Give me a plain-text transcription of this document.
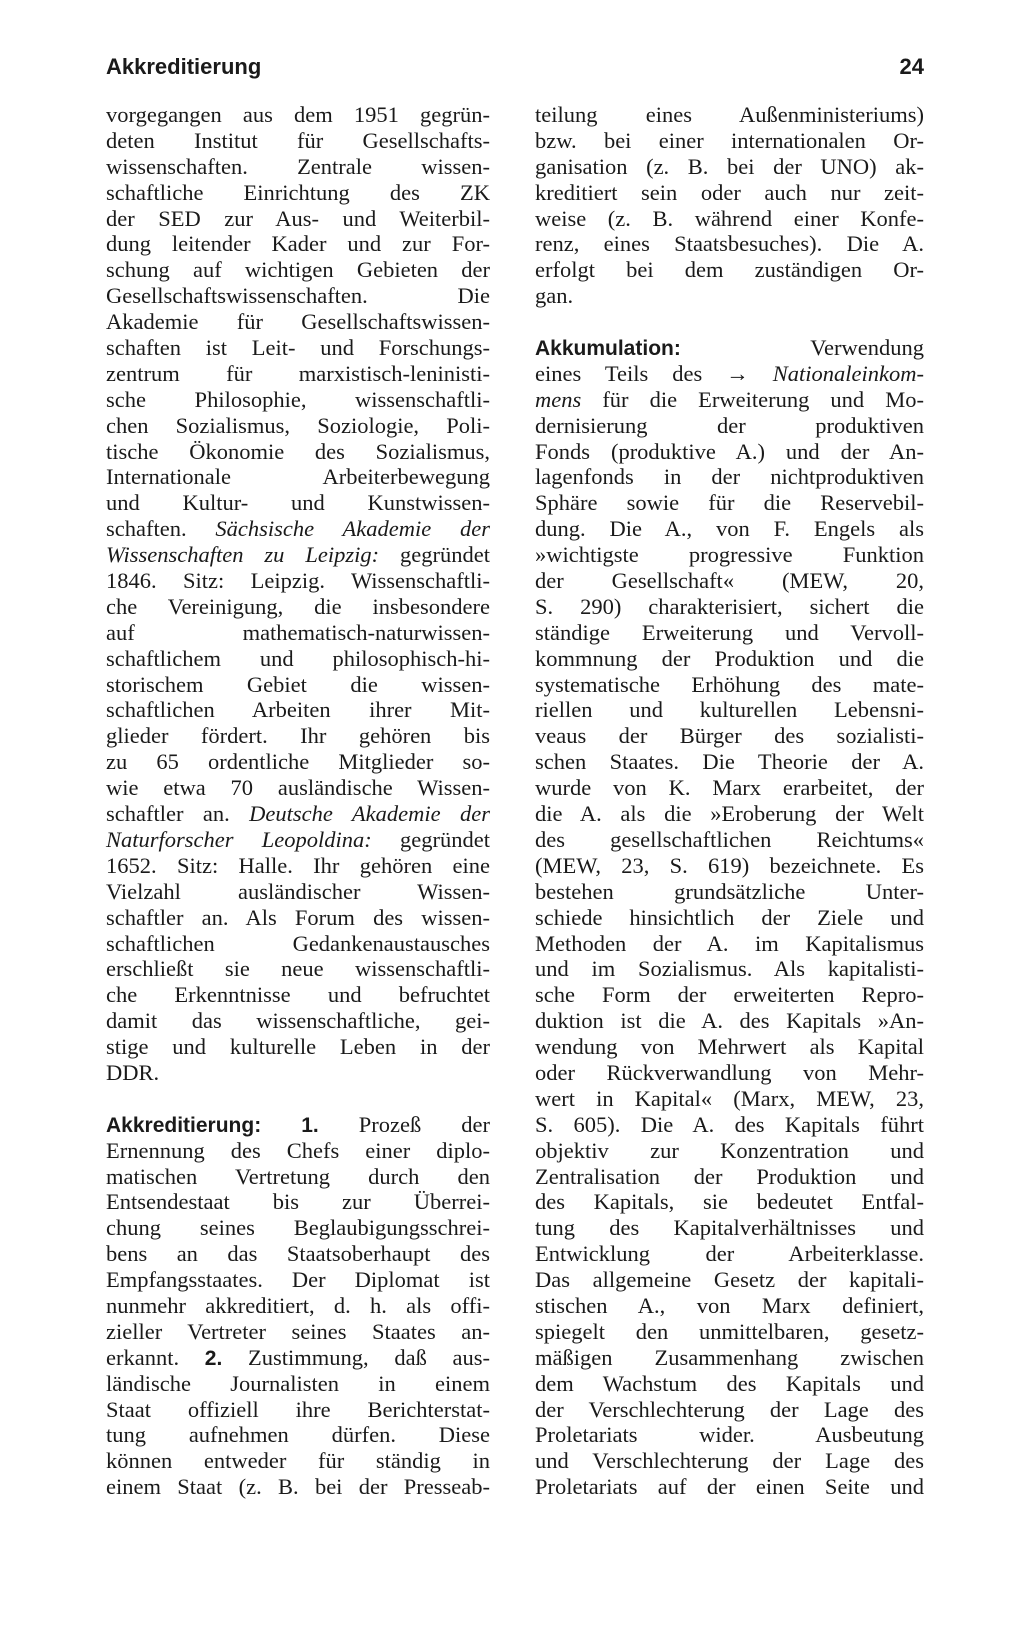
Akkreditierung	24
vorgegangen aus dem 1951 gegrün-
deten Institut für Gesellschafts-
wissenschaften. Zentrale wissen-
schaftliche Einrichtung des ZK
der SED zur Aus- und Weiterbil-
dung leitender Kader und zur For-
schung auf wichtigen Gebieten der
Gesellschaftswissenschaften. Die
Akademie für Gesellschaftswissen-
schaften ist Leit- und Forschungs-
zentrum für marxistisch-leninisti-
sche Philosophie, wissenschaftli-
chen Sozialismus, Soziologie, Poli-
tische Ökonomie des Sozialismus,
Internationale Arbeiterbewegung
und Kultur- und Kunstwissen-
schaften. Sächsische Akademie der
Wissenschaften zu Leipzig: gegründet
1846. Sitz: Leipzig. Wissenschaftli-
che Vereinigung, die insbesondere
auf mathematisch-naturwissen-
schaftlichem und philosophisch-hi-
storischem Gebiet die wissen-
schaftlichen Arbeiten ihrer Mit-
glieder fördert. Ihr gehören bis
zu 65 ordentliche Mitglieder so-
wie etwa 70 ausländische Wissen-
schaftler an. Deutsche Akademie der
Naturforscher Leopoldina: gegründet
1652. Sitz: Halle. Ihr gehören eine
Vielzahl ausländischer Wissen-
schaftler an. Als Forum des wissen-
schaftlichen Gedankenaustausches
erschließt sie neue wissenschaftli-
che Erkenntnisse und befruchtet
damit das wissenschaftliche, gei-
stige und kulturelle Leben in der
DDR.
Akkreditierung: 1. Prozeß der
Ernennung des Chefs einer diplo-
matischen Vertretung durch den
Entsendestaat bis zur Überrei-
chung seines Beglaubigungsschrei-
bens an das Staatsoberhaupt des
Empfangsstaates. Der Diplomat ist
nunmehr akkreditiert, d. h. als offi-
zieller Vertreter seines Staates an-
erkannt. 2. Zustimmung, daß aus-
ländische Journalisten in einem
Staat offiziell ihre Berichterstat-
tung aufnehmen dürfen. Diese
können entweder für ständig in
einem Staat (z. B. bei der Presseab-
teilung eines Außenministeriums)
bzw. bei einer internationalen Or-
ganisation (z. B. bei der UNO) ak-
kreditiert sein oder auch nur zeit-
weise (z. B. während einer Konfe-
renz, eines Staatsbesuches). Die A.
erfolgt bei dem zuständigen Or-
gan.
Akkumulation: Verwendung
eines Teils des → Nationaleinkom-
mens für die Erweiterung und Mo-
dernisierung der produktiven
Fonds (produktive A.) und der An-
lagenfonds in der nichtproduktiven
Sphäre sowie für die Reservebil-
dung. Die A., von F. Engels als
»wichtigste progressive Funktion
der Gesellschaft« (MEW, 20,
S. 290) charakterisiert, sichert die
ständige Erweiterung und Vervoll-
kommnung der Produktion und die
systematische Erhöhung des mate-
riellen und kulturellen Lebensni-
veaus der Bürger des sozialisti-
schen Staates. Die Theorie der A.
wurde von K. Marx erarbeitet, der
die A. als die »Eroberung der Welt
des gesellschaftlichen Reichtums«
(MEW, 23, S. 619) bezeichnete. Es
bestehen grundsätzliche Unter-
schiede hinsichtlich der Ziele und
Methoden der A. im Kapitalismus
und im Sozialismus. Als kapitalisti-
sche Form der erweiterten Repro-
duktion ist die A. des Kapitals »An-
wendung von Mehrwert als Kapital
oder Rückverwandlung von Mehr-
wert in Kapital« (Marx, MEW, 23,
S. 605). Die A. des Kapitals führt
objektiv zur Konzentration und
Zentralisation der Produktion und
des Kapitals, sie bedeutet Entfal-
tung des Kapitalverhältnisses und
Entwicklung der Arbeiterklasse.
Das allgemeine Gesetz der kapitali-
stischen A., von Marx definiert,
spiegelt den unmittelbaren, gesetz-
mäßigen Zusammenhang zwischen
dem Wachstum des Kapitals und
der Verschlechterung der Lage des
Proletariats wider. Ausbeutung
und Verschlechterung der Lage des
Proletariats auf der einen Seite und
